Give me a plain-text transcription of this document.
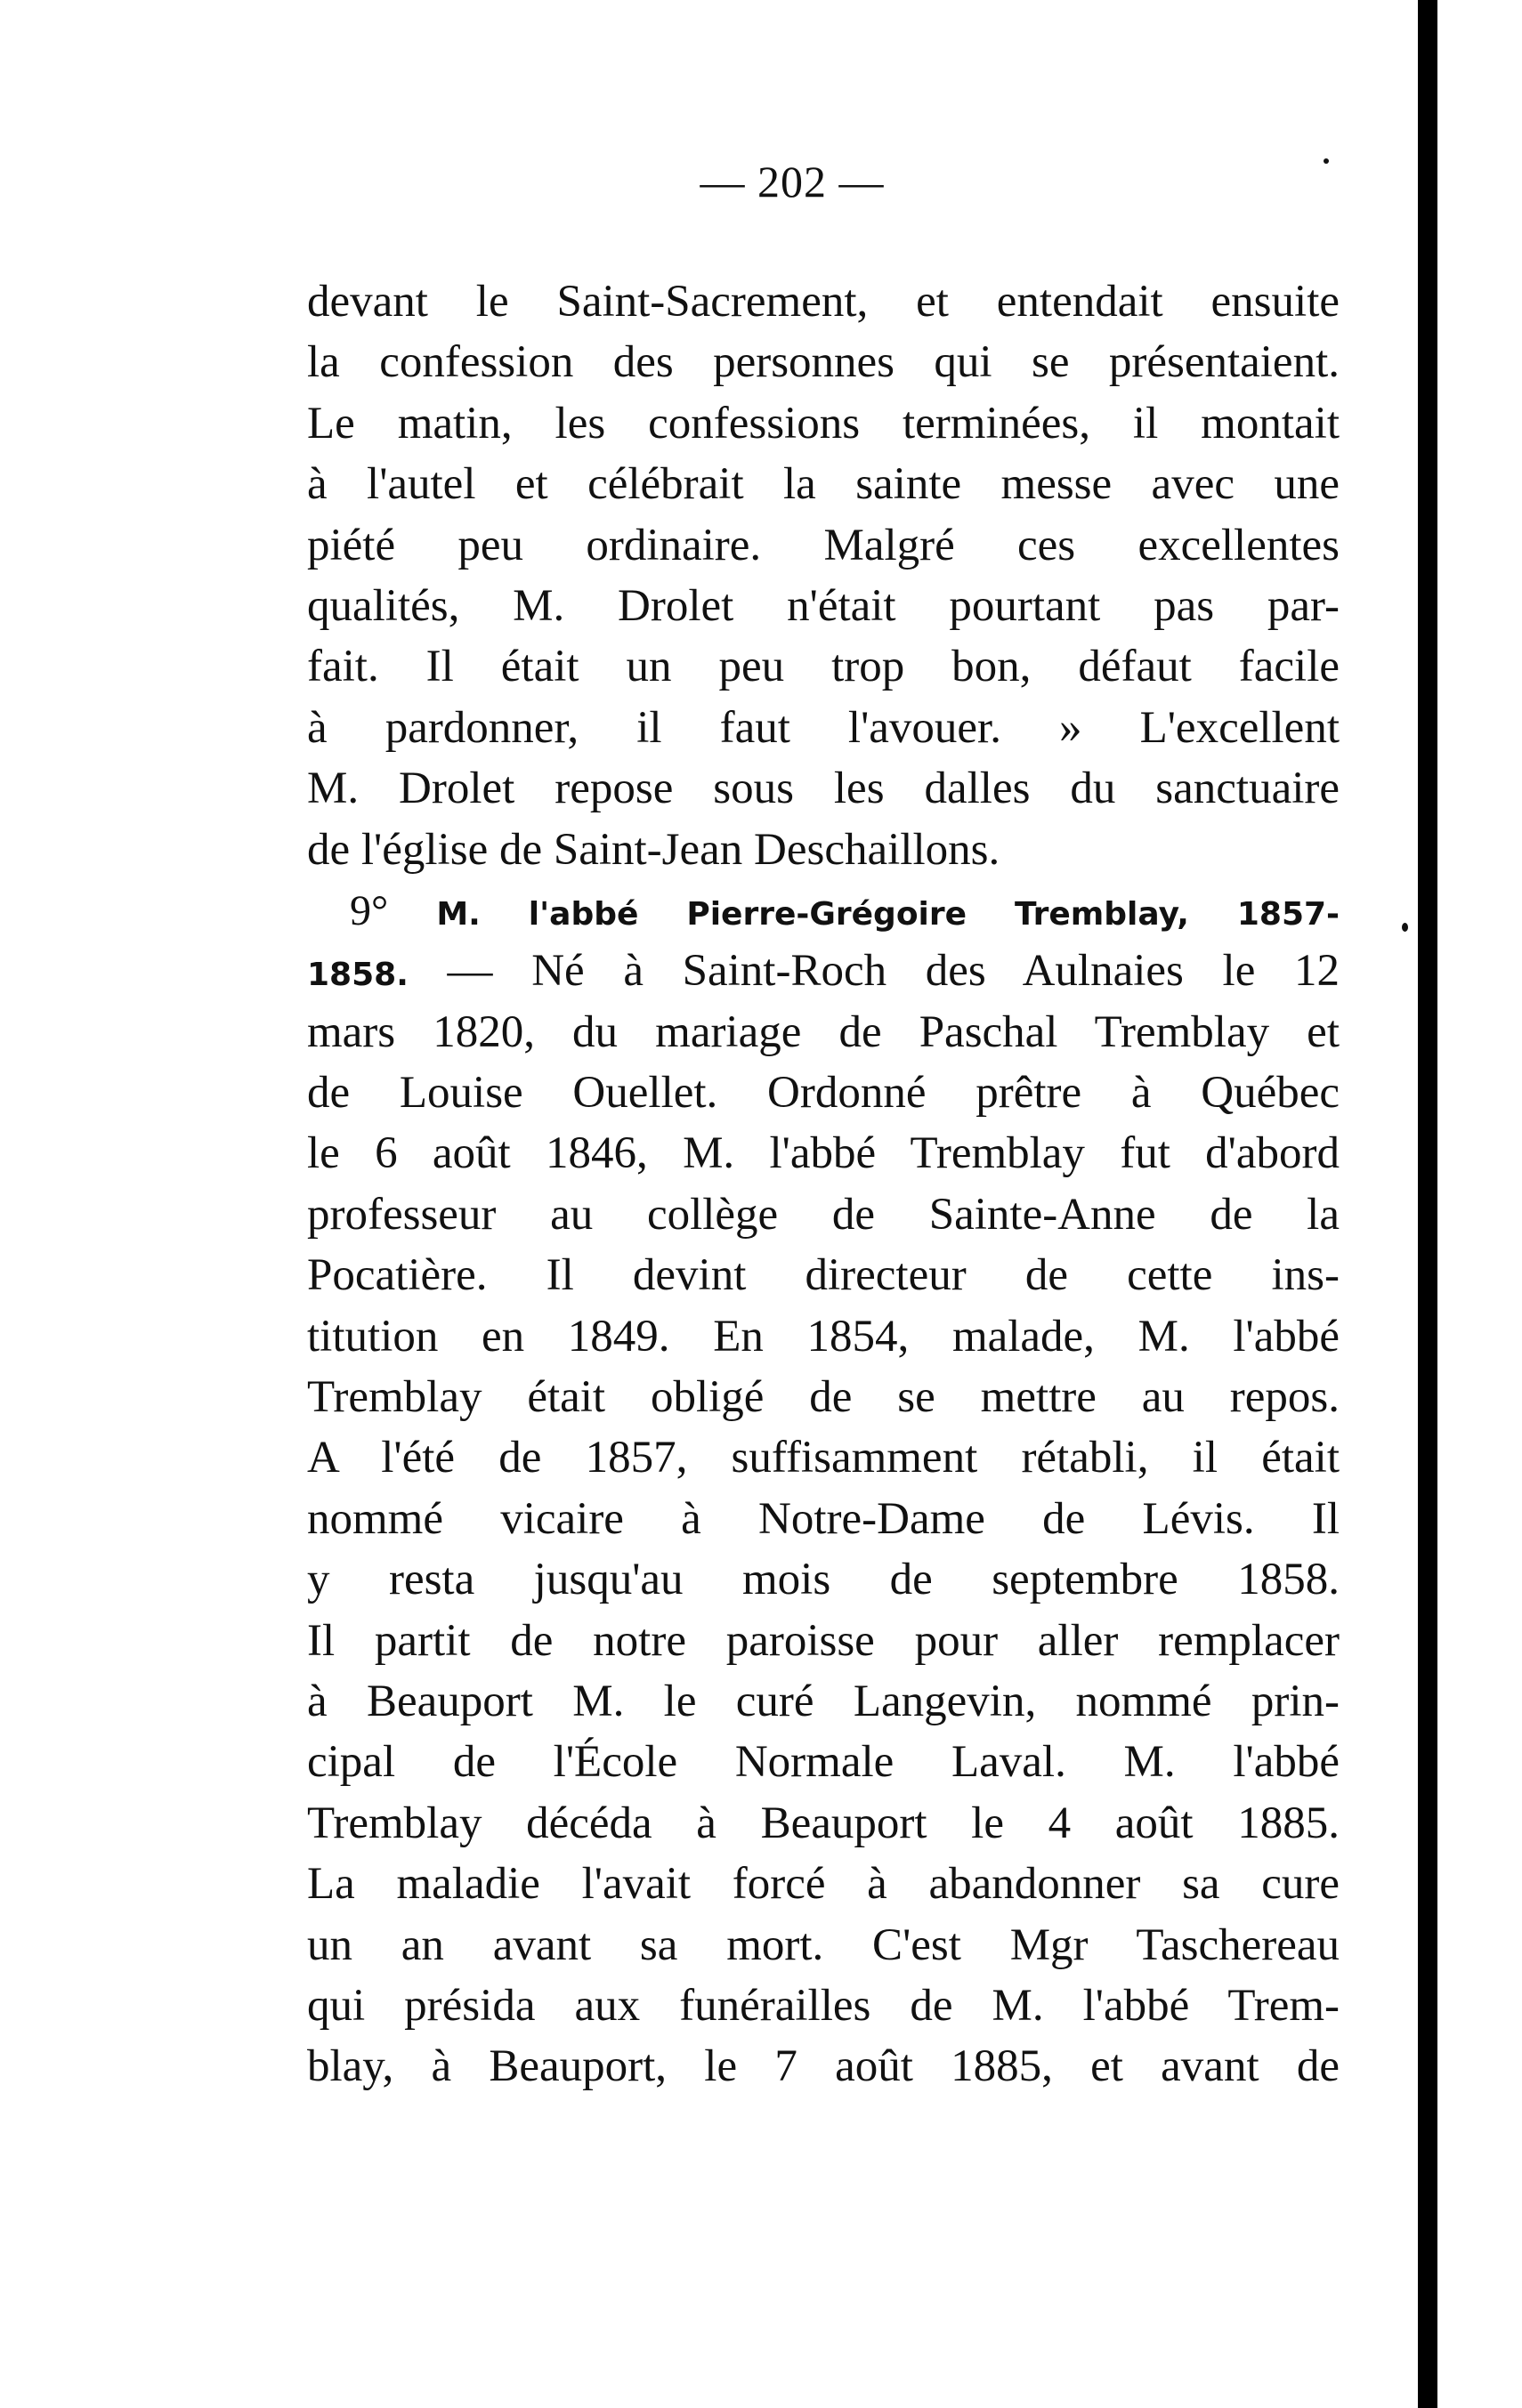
— 202 —
devant le Saint-Sacrement, et entendait ensuite
la confession des personnes qui se présentaient.
Le matin, les confessions terminées, il montait
à l'autel et célébrait la sainte messe avec une
piété peu ordinaire. Malgré ces excellentes
qualités, M. Drolet n'était pourtant pas par-
fait. Il était un peu trop bon, défaut facile
à pardonner, il faut l'avouer. » L'excellent
M. Drolet repose sous les dalles du sanctuaire
de l'église de Saint-Jean Deschaillons.
9° M. l'abbé Pierre-Grégoire Tremblay, 1857-
1858. — Né à Saint-Roch des Aulnaies le 12
mars 1820, du mariage de Paschal Tremblay et
de Louise Ouellet. Ordonné prêtre à Québec
le 6 août 1846, M. l'abbé Tremblay fut d'abord
professeur au collège de Sainte-Anne de la
Pocatière. Il devint directeur de cette ins-
titution en 1849. En 1854, malade, M. l'abbé
Tremblay était obligé de se mettre au repos.
A l'été de 1857, suffisamment rétabli, il était
nommé vicaire à Notre-Dame de Lévis. Il
y resta jusqu'au mois de septembre 1858.
Il partit de notre paroisse pour aller remplacer
à Beauport M. le curé Langevin, nommé prin-
cipal de l'École Normale Laval. M. l'abbé
Tremblay décéda à Beauport le 4 août 1885.
La maladie l'avait forcé à abandonner sa cure
un an avant sa mort. C'est Mgr Taschereau
qui présida aux funérailles de M. l'abbé Trem-
blay, à Beauport, le 7 août 1885, et avant de
